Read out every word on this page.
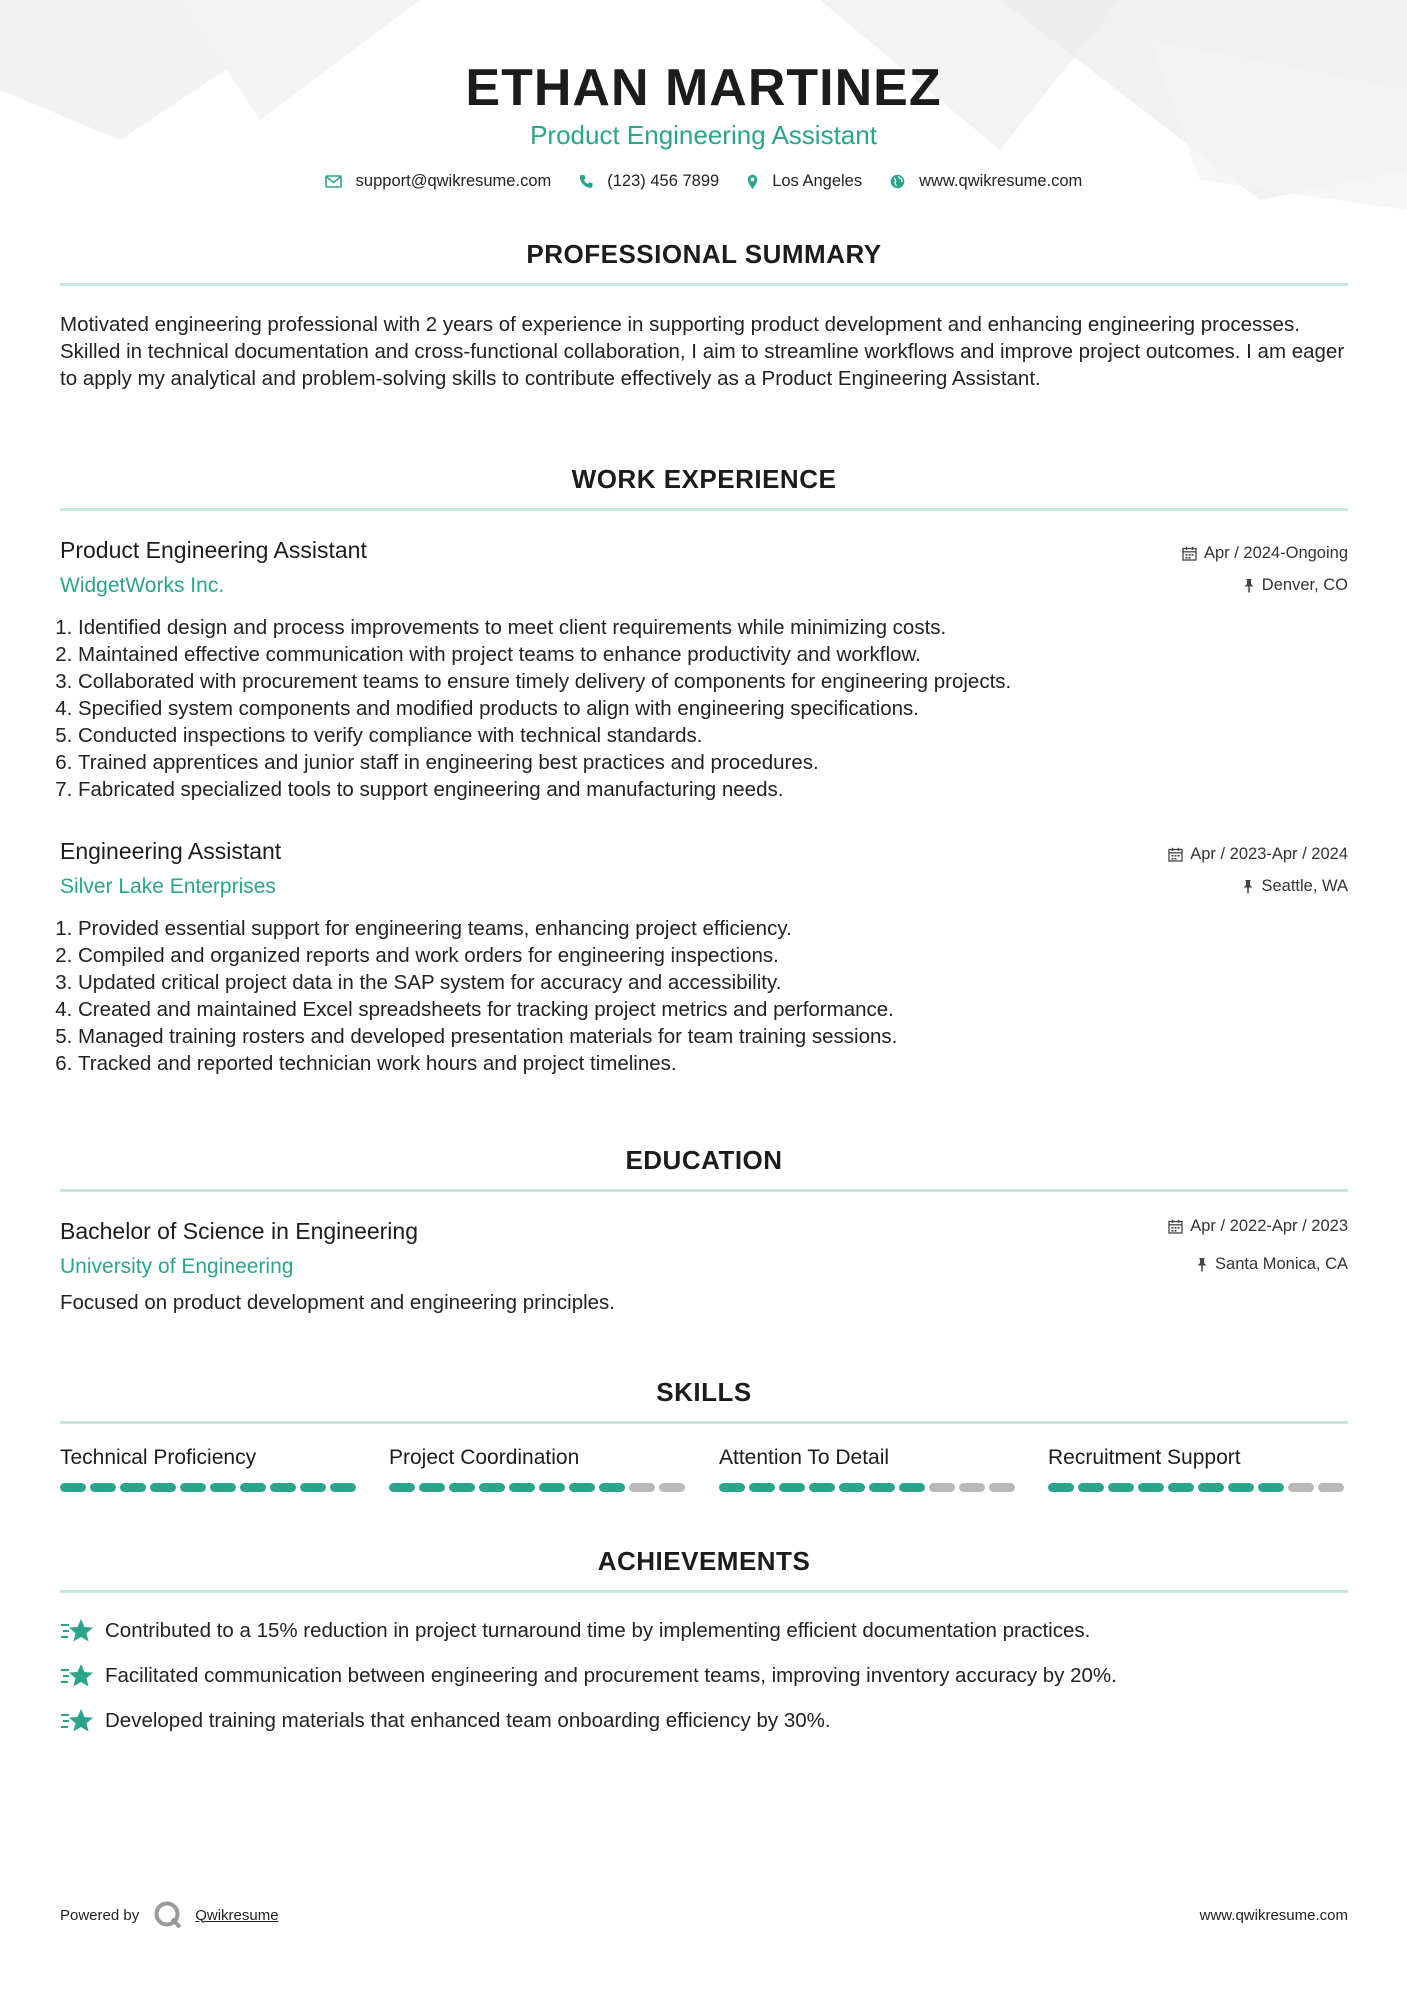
ETHAN MARTINEZ
Product Engineering Assistant
support@qwikresume.com	(123) 456 7899	Los Angeles	www.qwikresume.com
PROFESSIONAL SUMMARY
Motivated engineering professional with 2 years of experience in supporting product development and enhancing engineering processes. Skilled in technical documentation and cross-functional collaboration, I aim to streamline workflows and improve project outcomes. I am eager to apply my analytical and problem-solving skills to contribute effectively as a Product Engineering Assistant.
WORK EXPERIENCE
Product Engineering Assistant
WidgetWorks Inc.
Apr / 2024-Ongoing
Denver, CO
1. Identified design and process improvements to meet client requirements while minimizing costs.
2. Maintained effective communication with project teams to enhance productivity and workflow.
3. Collaborated with procurement teams to ensure timely delivery of components for engineering projects.
4. Specified system components and modified products to align with engineering specifications.
5. Conducted inspections to verify compliance with technical standards.
6. Trained apprentices and junior staff in engineering best practices and procedures.
7. Fabricated specialized tools to support engineering and manufacturing needs.
Engineering Assistant
Silver Lake Enterprises
Apr / 2023-Apr / 2024
Seattle, WA
1. Provided essential support for engineering teams, enhancing project efficiency.
2. Compiled and organized reports and work orders for engineering inspections.
3. Updated critical project data in the SAP system for accuracy and accessibility.
4. Created and maintained Excel spreadsheets for tracking project metrics and performance.
5. Managed training rosters and developed presentation materials for team training sessions.
6. Tracked and reported technician work hours and project timelines.
EDUCATION
Bachelor of Science in Engineering
University of Engineering
Apr / 2022-Apr / 2023
Santa Monica, CA
Focused on product development and engineering principles.
SKILLS
Technical Proficiency	Project Coordination	Attention To Detail	Recruitment Support
ACHIEVEMENTS
Contributed to a 15% reduction in project turnaround time by implementing efficient documentation practices.
Facilitated communication between engineering and procurement teams, improving inventory accuracy by 20%.
Developed training materials that enhanced team onboarding efficiency by 30%.
Powered by	Qwikresume	www.qwikresume.com
